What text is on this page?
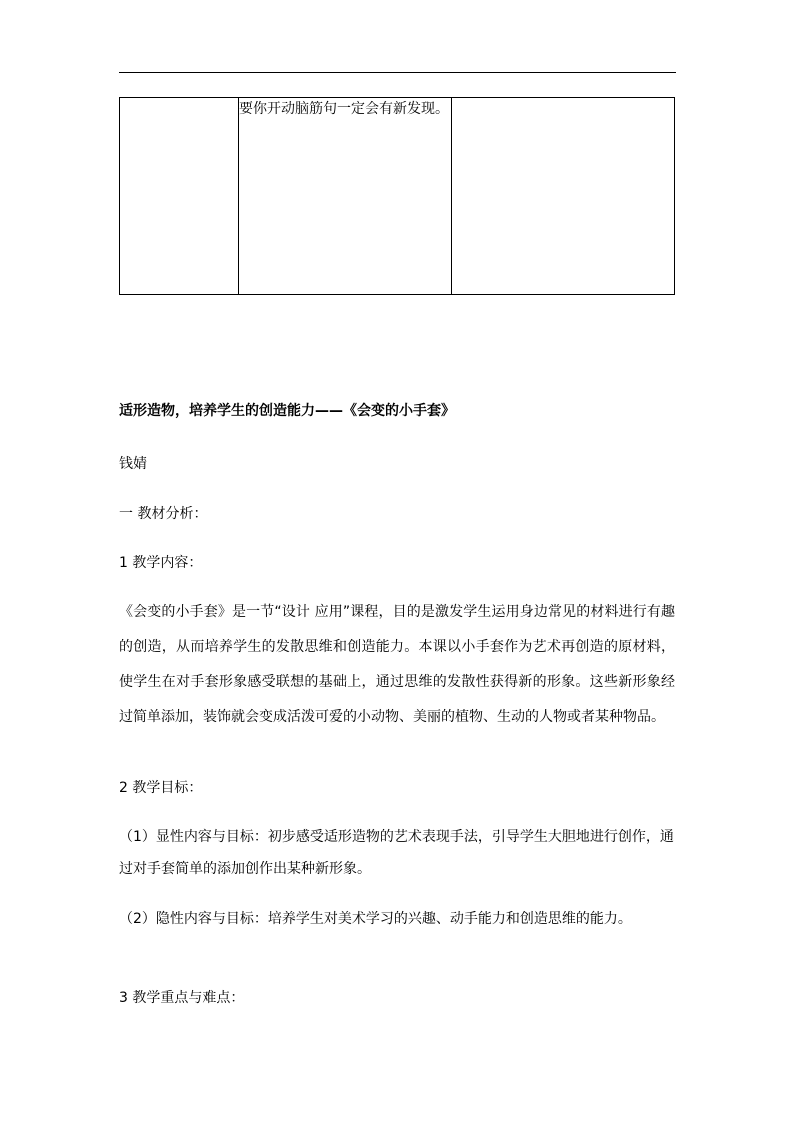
要你开动脑筋句一定会有新发现。

适形造物，培养学生的创造能力——《会变的小手套》

钱婧

一 教材分析：

1 教学内容：

《会变的小手套》是一节“设计 应用”课程，目的是激发学生运用身边常见的材料进行有趣的创造，从而培养学生的发散思维和创造能力。本课以小手套作为艺术再创造的原材料，使学生在对手套形象感受联想的基础上，通过思维的发散性获得新的形象。这些新形象经过简单添加，装饰就会变成活泼可爱的小动物、美丽的植物、生动的人物或者某种物品。

2 教学目标：

（1）显性内容与目标：初步感受适形造物的艺术表现手法，引导学生大胆地进行创作，通过对手套简单的添加创作出某种新形象。

（2）隐性内容与目标：培养学生对美术学习的兴趣、动手能力和创造思维的能力。

3 教学重点与难点：
